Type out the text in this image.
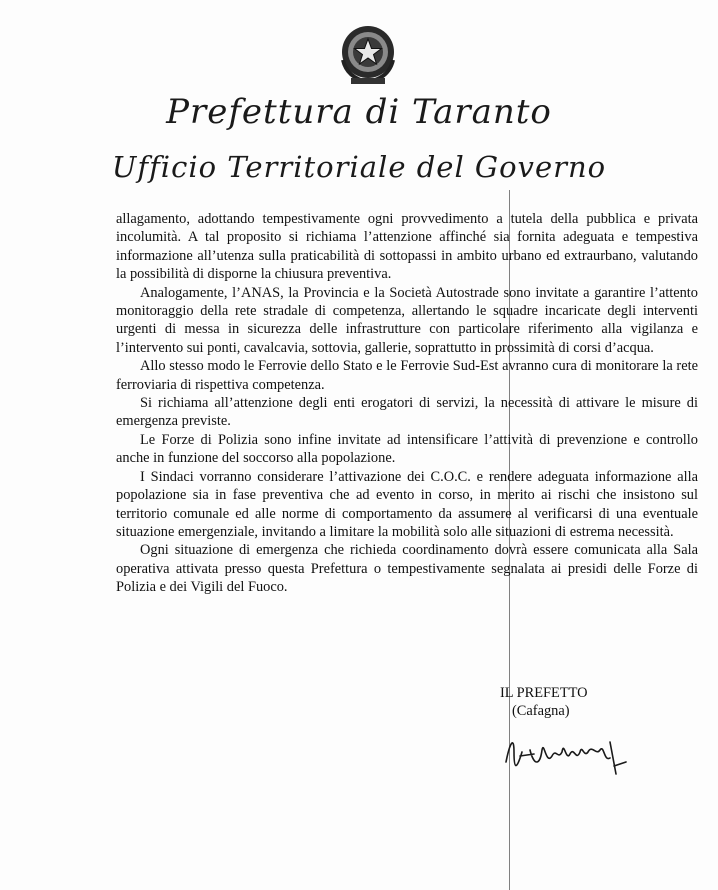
Prefettura di Taranto
Ufficio Territoriale del Governo

allagamento, adottando tempestivamente ogni provvedimento a tutela della pubblica e privata incolumità. A tal proposito si richiama l’attenzione affinché sia fornita adeguata e tempestiva informazione all’utenza sulla praticabilità di sottopassi in ambito urbano ed extraurbano, valutando la possibilità di disporne la chiusura preventiva.

Analogamente, l’ANAS, la Provincia e la Società Autostrade sono invitate a garantire l’attento monitoraggio della rete stradale di competenza, allertando le squadre incaricate degli interventi urgenti di messa in sicurezza delle infrastrutture con particolare riferimento alla vigilanza e l’intervento sui ponti, cavalcavia, sottovia, gallerie, soprattutto in prossimità di corsi d’acqua.

Allo stesso modo le Ferrovie dello Stato e le Ferrovie Sud-Est avranno cura di monitorare la rete ferroviaria di rispettiva competenza.

Si richiama all’attenzione degli enti erogatori di servizi, la necessità di attivare le misure di emergenza previste.

Le Forze di Polizia sono infine invitate ad intensificare l’attività di prevenzione e controllo anche in funzione del soccorso alla popolazione.

I Sindaci vorranno considerare l’attivazione dei C.O.C. e rendere adeguata informazione alla popolazione sia in fase preventiva che ad evento in corso, in merito ai rischi che insistono sul territorio comunale ed alle norme di comportamento da assumere al verificarsi di una eventuale situazione emergenziale, invitando a limitare la mobilità solo alle situazioni di estrema necessità.

Ogni situazione di emergenza che richieda coordinamento dovrà essere comunicata alla Sala operativa attivata presso questa Prefettura o tempestivamente segnalata ai presidi delle Forze di Polizia e dei Vigili del Fuoco.

IL PREFETTO
(Cafagna)
